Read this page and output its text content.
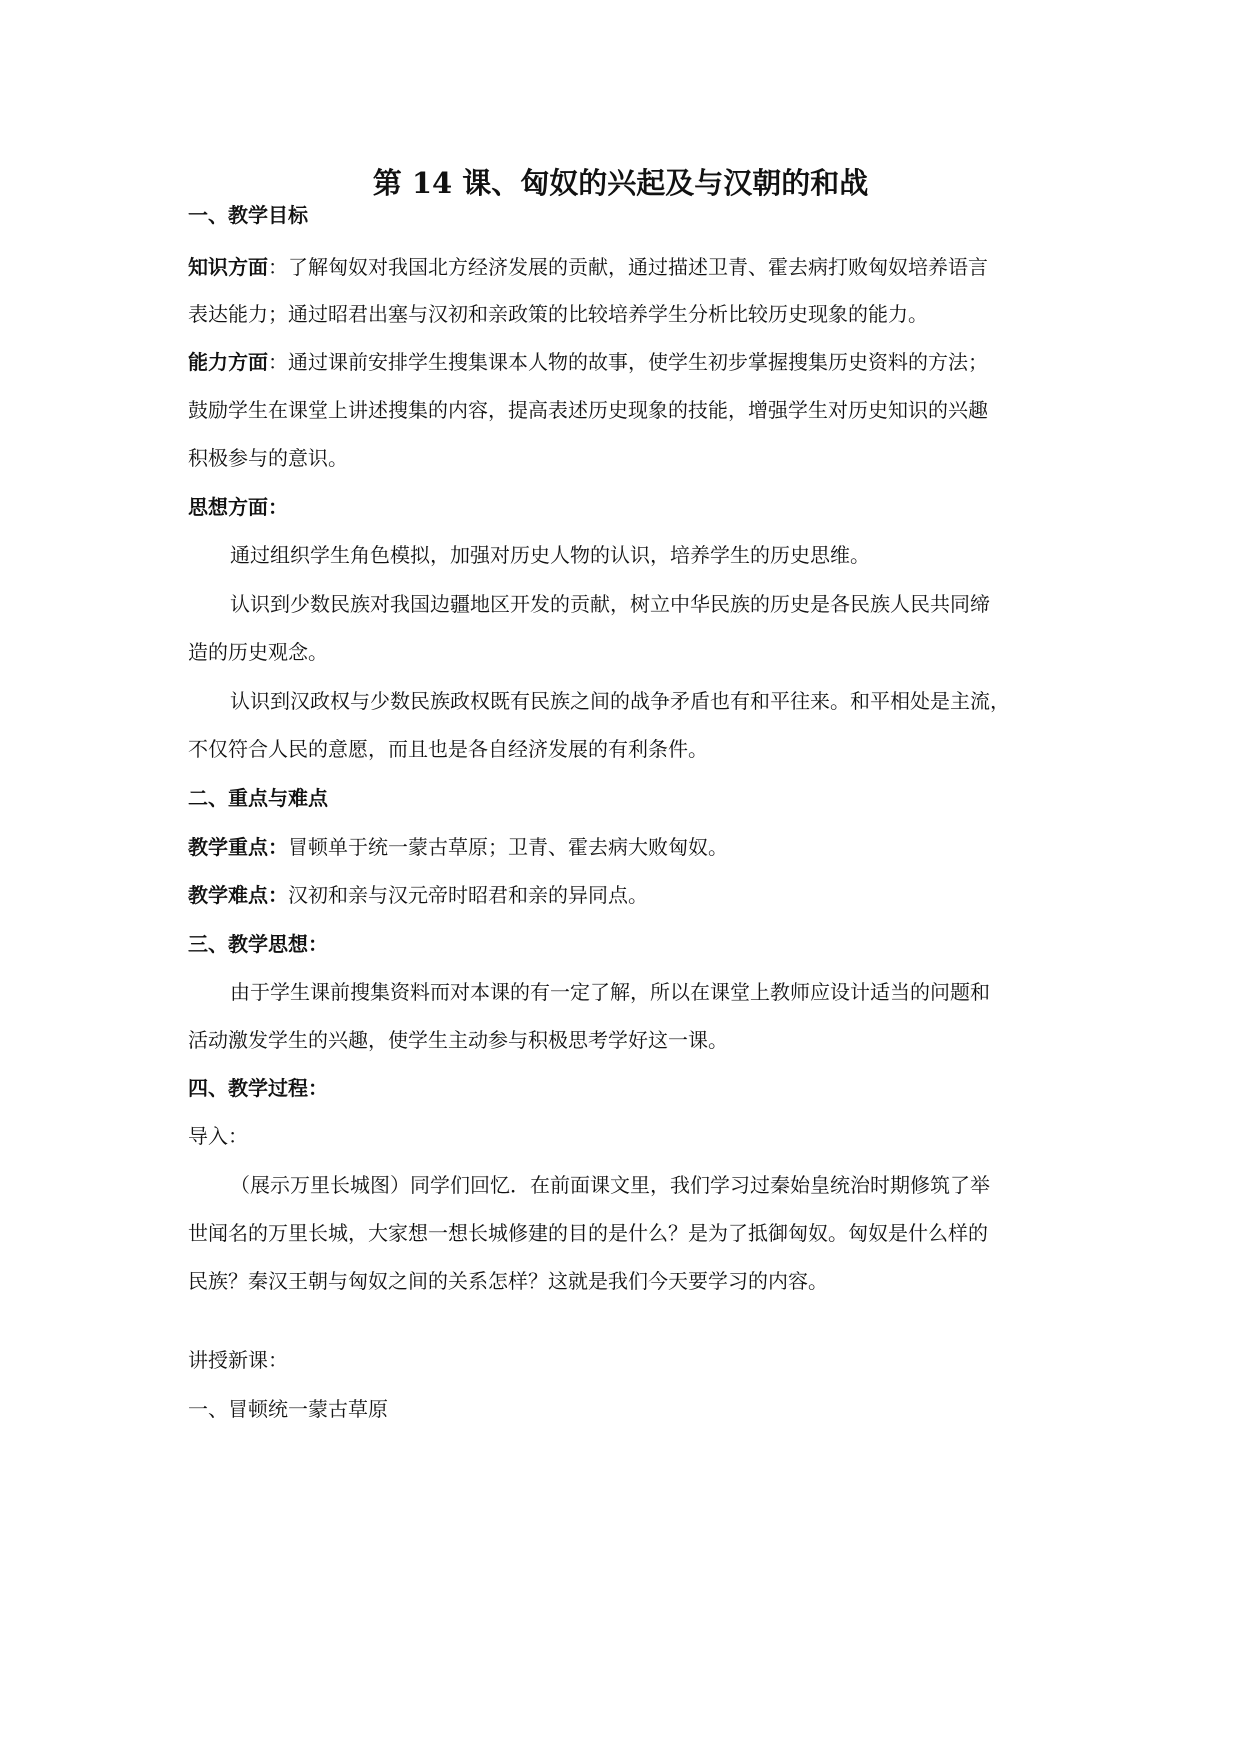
第 14 课、匈奴的兴起及与汉朝的和战
一、教学目标
知识方面：了解匈奴对我国北方经济发展的贡献，通过描述卫青、霍去病打败匈奴培养语言
表达能力；通过昭君出塞与汉初和亲政策的比较培养学生分析比较历史现象的能力。
能力方面：通过课前安排学生搜集课本人物的故事，使学生初步掌握搜集历史资料的方法；
鼓励学生在课堂上讲述搜集的内容，提高表述历史现象的技能，增强学生对历史知识的兴趣
积极参与的意识。
思想方面：
通过组织学生角色模拟，加强对历史人物的认识，培养学生的历史思维。
认识到少数民族对我国边疆地区开发的贡献，树立中华民族的历史是各民族人民共同缔
造的历史观念。
认识到汉政权与少数民族政权既有民族之间的战争矛盾也有和平往来。和平相处是主流，
不仅符合人民的意愿，而且也是各自经济发展的有利条件。
二、重点与难点
教学重点：冒顿单于统一蒙古草原；卫青、霍去病大败匈奴。
教学难点：汉初和亲与汉元帝时昭君和亲的异同点。
三、教学思想：
由于学生课前搜集资料而对本课的有一定了解，所以在课堂上教师应设计适当的问题和
活动激发学生的兴趣，使学生主动参与积极思考学好这一课。
四、教学过程：
导入：
（展示万里长城图）同学们回忆．在前面课文里，我们学习过秦始皇统治时期修筑了举
世闻名的万里长城，大家想一想长城修建的目的是什么？是为了抵御匈奴。匈奴是什么样的
民族？秦汉王朝与匈奴之间的关系怎样？这就是我们今天要学习的内容。
讲授新课：
一、冒顿统一蒙古草原
